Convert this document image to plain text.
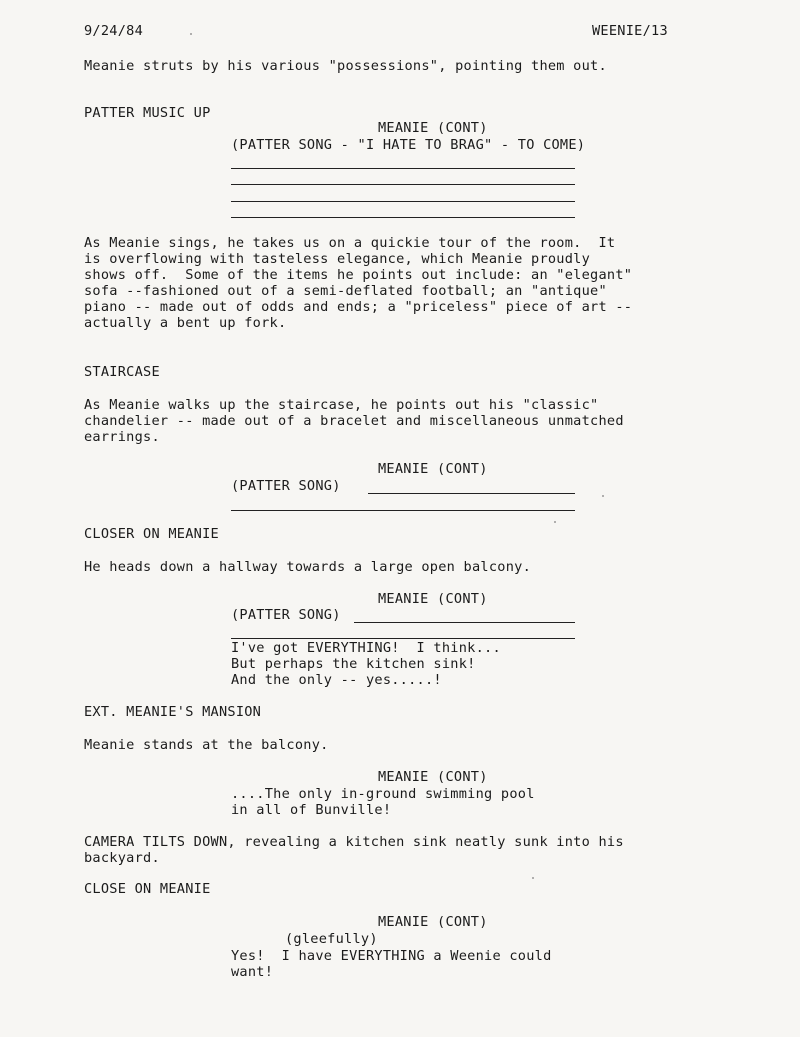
9/24/84	WEENIE/13
Meanie struts by his various "possessions", pointing them out.
PATTER MUSIC UP
MEANIE (CONT)
(PATTER SONG - "I HATE TO BRAG" - TO COME)
As Meanie sings, he takes us on a quickie tour of the room.  It
is overflowing with tasteless elegance, which Meanie proudly
shows off.  Some of the items he points out include: an "elegant"
sofa --fashioned out of a semi-deflated football; an "antique"
piano -- made out of odds and ends; a "priceless" piece of art --
actually a bent up fork.
STAIRCASE
As Meanie walks up the staircase, he points out his "classic"
chandelier -- made out of a bracelet and miscellaneous unmatched
earrings.
MEANIE (CONT)
(PATTER SONG)
CLOSER ON MEANIE
He heads down a hallway towards a large open balcony.
MEANIE (CONT)
(PATTER SONG)
I've got EVERYTHING!  I think...
But perhaps the kitchen sink!
And the only -- yes.....!
EXT. MEANIE'S MANSION
Meanie stands at the balcony.
MEANIE (CONT)
....The only in-ground swimming pool
in all of Bunville!
CAMERA TILTS DOWN, revealing a kitchen sink neatly sunk into his
backyard.
CLOSE ON MEANIE
MEANIE (CONT)
(gleefully)
Yes!  I have EVERYTHING a Weenie could
want!
